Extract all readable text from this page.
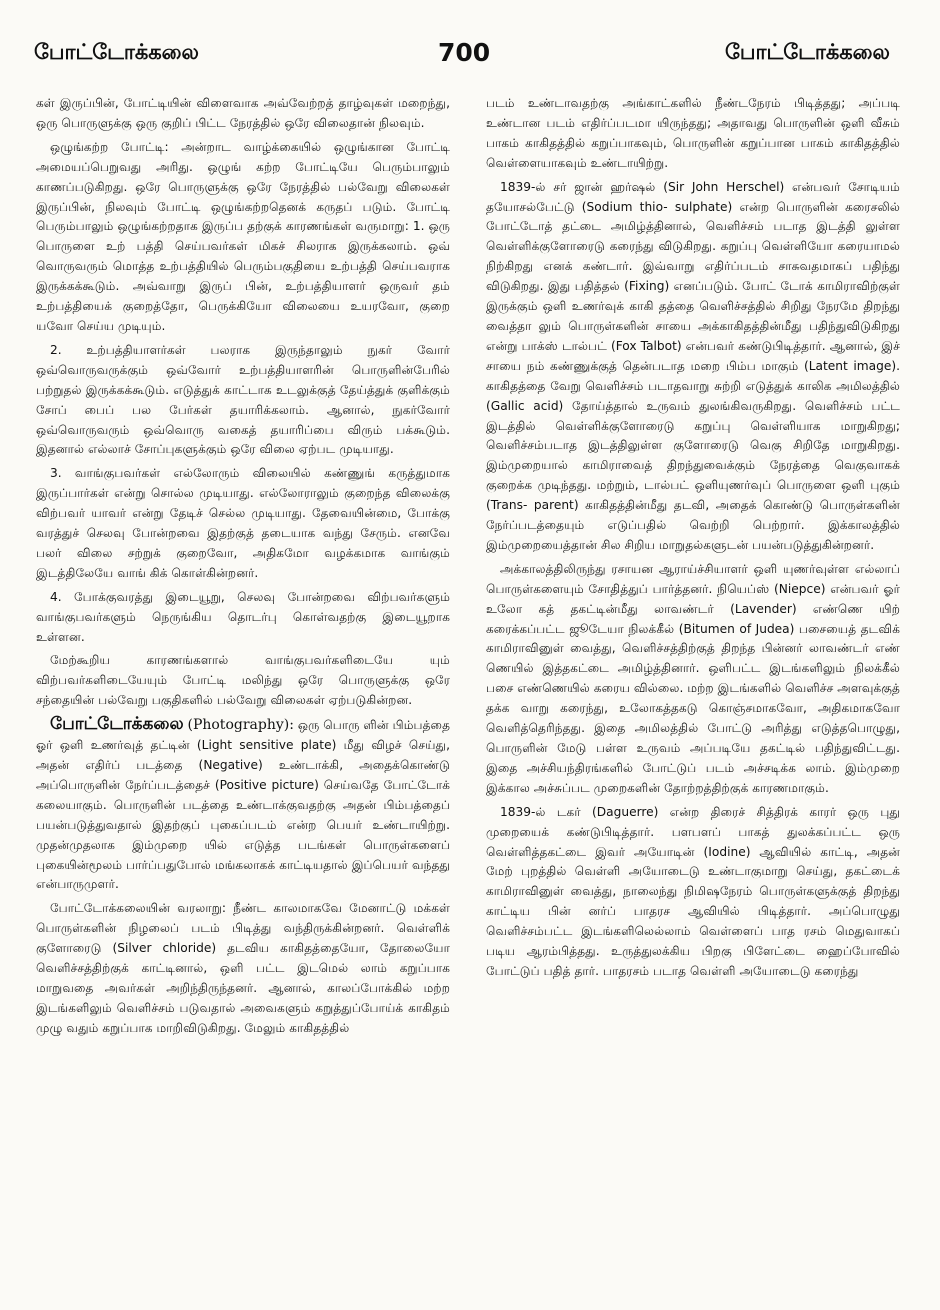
போட்டோக்கலை	700	போட்டோக்கலை

கள் இருப்பின், போட்டியின் விளைவாக அவ்வேற்றத் தாழ்வுகள் மறைந்து, ஒரு பொருளுக்கு ஒரு குறிப் பிட்ட நேரத்தில் ஒரே விலைதான் நிலவும்.

ஒழுங்கற்ற போட்டி: அன்றாட வாழ்க்கையில் ஒழுங்கான போட்டி அமையப்பெறுவது அரிது. ஒழுங் கற்ற போட்டியே பெரும்பாலும் காணப்படுகிறது. ஒரே பொருளுக்கு ஒரே நேரத்தில் பல்வேறு விலைகள் இருப்பின், நிலவும் போட்டி ஒழுங்கற்றதெனக் கருதப் படும். போட்டி பெரும்பாலும் ஒழுங்கற்றதாக இருப்ப தற்குக் காரணங்கள் வருமாறு: 1. ஒரு பொருளை உற் பத்தி செய்பவர்கள் மிகச் சிலராக இருக்கலாம். ஒவ் வொருவரும் மொத்த உற்பத்தியில் பெரும்பகுதியை உற்பத்தி செய்பவராக இருக்கக்கூடும். அவ்வாறு இருப் பின், உற்பத்தியாளர் ஒருவர் தம் உற்பத்தியைக் குறைத்தோ, பெருக்கியோ விலையை உயரவோ, குறை யவோ செய்ய முடியும்.

2. உற்பத்தியாளர்கள் பலராக இருந்தாலும் நுகர் வோர் ஒவ்வொருவருக்கும் ஒவ்வோர் உற்பத்தியாளரின் பொருளின்பேரில் பற்றுதல் இருக்கக்கூடும். எடுத்துக் காட்டாக உடலுக்குத் தேய்த்துக் குளிக்கும் சோப் பைப் பல பேர்கள் தயாரிக்கலாம். ஆனால், நுகர்வோர் ஒவ்வொருவரும் ஒவ்வொரு வகைத் தயாரிப்பை விரும் பக்கூடும். இதனால் எல்லாச் சோப்புகளுக்கும் ஒரே விலை ஏற்பட முடியாது.

3. வாங்குபவர்கள் எல்லோரும் விலையில் கண்ணுங் கருத்துமாக இருப்பார்கள் என்று சொல்ல முடியாது. எல்லோராலும் குறைந்த விலைக்கு விற்பவர் யாவர் என்று தேடிச் செல்ல முடியாது. தேவையின்மை, போக்கு வரத்துச் செலவு போன்றவை இதற்குத் தடையாக வந்து சேரும். எனவே பலர் விலை சற்றுக் குறைவோ, அதிகமோ வழக்கமாக வாங்கும் இடத்திலேயே வாங் கிக் கொள்கின்றனர்.

4. போக்குவரத்து இடையூறு, செலவு போன்றவை விற்பவர்களும் வாங்குபவர்களும் நெருங்கிய தொடர்பு கொள்வதற்கு இடையூறாக உள்ளன.

மேற்கூறிய காரணங்களால் வாங்குபவர்களிடையே யும் விற்பவர்களிடையேயும் போட்டி மலிந்து ஒரே பொருளுக்கு ஒரே சந்தையின் பல்வேறு பகுதிகளில் பல்வேறு விலைகள் ஏற்படுகின்றன.

போட்டோக்கலை (Photography): ஒரு பொரு ளின் பிம்பத்தை ஓர் ஒளி உணர்வுத் தட்டின் (Light sensitive plate) மீது விழச் செய்து, அதன் எதிர்ப் படத்தை (Negative) உண்டாக்கி, அதைக்கொண்டு அப்பொருளின் நேர்ப்படத்தைச் (Positive picture) செய்வதே போட்டோக் கலையாகும். பொருளின் படத்தை உண்டாக்குவதற்கு அதன் பிம்பத்தைப் பயன்படுத்துவதால் இதற்குப் புகைப்படம் என்ற பெயர் உண்டாயிற்று. முதன்முதலாக இம்முறை யில் எடுத்த படங்கள் பொருள்களைப் புகையின்மூலம் பார்ப்பதுபோல் மங்கலாகக் காட்டியதால் இப்பெயர் வந்தது என்பாருமுளர்.

போட்டோக்கலையின் வரலாறு: நீண்ட காலமாகவே மேனாட்டு மக்கள் பொருள்களின் நிழலைப் படம் பிடித்து வந்திருக்கின்றனர். வெள்ளிக் குளோரைடு (Silver chloride) தடவிய காகிதத்தையோ, தோலையோ வெளிச்சத்திற்குக் காட்டினால், ஒளி பட்ட இடமெல் லாம் கறுப்பாக மாறுவதை அவர்கள் அறிந்திருந்தனர். ஆனால், காலப்போக்கில் மற்ற இடங்களிலும் வெளிச்சம் படுவதால் அவைகளும் கறுத்துப்போய்க் காகிதம் முழு வதும் கறுப்பாக மாறிவிடுகிறது. மேலும் காகிதத்தில்

படம் உண்டாவதற்கு அங்காட்களில் நீண்டநேரம் பிடித்தது; அப்படி உண்டான படம் எதிர்ப்படமா யிருந்தது; அதாவது பொருளின் ஒளி வீசும் பாகம் காகிதத்தில் கறுப்பாகவும், பொருளின் கறுப்பான பாகம் காகிதத்தில் வெள்ளையாகவும் உண்டாயிற்று.

1839-ல் சர் ஜான் ஹர்ஷல் (Sir John Herschel) என்பவர் சோடியம் தயோசல்பேட்டு (Sodium thio- sulphate) என்ற பொருளின் கரைசலில் போட்டோத் தட்டை அமிழ்த்தினால், வெளிச்சம் படாத இடத்தி லுள்ள வெள்ளிக்குளோரைடு கரைந்து விடுகிறது. கறுப்பு வெள்ளியோ கரையாமல் நிற்கிறது எனக் கண்டார். இவ்வாறு எதிர்ப்படம் சாசுவதமாகப் பதிந்து விடுகிறது. இது பதித்தல் (Fixing) எனப்படும். போட் டோக் காமிராவிற்குள் இருக்கும் ஒளி உணர்வுக் காகி தத்தை வெளிச்சத்தில் சிறிது நேரமே திறந்து வைத்தா லும் பொருள்களின் சாயை அக்காகிதத்தின்மீது பதிந்துவிடுகிறது என்று பாக்ஸ் டால்பட் (Fox Talbot) என்பவர் கண்டுபிடித்தார். ஆனால், இச் சாயை நம் கண்ணுக்குத் தென்படாத மறை பிம்ப மாகும் (Latent image). காகிதத்தை வேறு வெளிச்சம் படாதவாறு சுற்றி எடுத்துக் காலிக அமிலத்தில் (Gallic acid) தோய்த்தால் உருவம் துலங்கிவருகிறது. வெளிச்சம் பட்ட இடத்தில் வெள்ளிக்குளோரைடு கறுப்பு வெள்ளியாக மாறுகிறது; வெளிச்சம்படாத இடத்திலுள்ள குளோரைடு வெகு சிறிதே மாறுகிறது. இம்முறையால் காமிராவைத் திறந்துவைக்கும் நேரத்தை வெகுவாகக் குறைக்க முடிந்தது. மற்றும், டால்பட் ஒளியுணர்வுப் பொருளை ஒளி புகும் (Trans- parent) காகிதத்தின்மீது தடவி, அதைக் கொண்டு பொருள்களின் நேர்ப்படத்தையும் எடுப்பதில் வெற்றி பெற்றார். இக்காலத்தில் இம்முறையைத்தான் சில சிறிய மாறுதல்களுடன் பயன்படுத்துகின்றனர்.

அக்காலத்திலிருந்து ரசாயன ஆராய்ச்சியாளர் ஒளி யுணர்வுள்ள எல்லாப் பொருள்களையும் சோதித்துப் பார்த்தனர். நியெப்ஸ் (Niepce) என்பவர் ஓர் உலோ கத் தகட்டின்மீது லாவண்டர் (Lavender) எண்ணெ யிற் கரைக்கப்பட்ட ஜூடேயா நிலக்கீல் (Bitumen of Judea) பசையைத் தடவிக் காமிராவினுள் வைத்து, வெளிச்சத்திற்குத் திறந்த பின்னர் லாவண்டர் எண் ணெயில் இத்தகட்டை அமிழ்த்தினார். ஒளிபட்ட இடங்களிலும் நிலக்கீல் பசை எண்ணெயில் கரைய வில்லை. மற்ற இடங்களில் வெளிச்ச அளவுக்குத் தக்க வாறு கரைந்து, உலோகத்தகடு கொஞ்சமாகவோ, அதிகமாகவோ வெளித்தெரிந்தது. இதை அமிலத்தில் போட்டு அரித்து எடுத்தபொழுது, பொருளின் மேடு பள்ள உருவம் அப்படியே தகட்டில் பதிந்துவிட்டது. இதை அச்சியந்திரங்களில் போட்டுப் படம் அச்சடிக்க லாம். இம்முறை இக்கால அச்சுப்பட முறைகளின் தோற்றத்திற்குக் காரணமாகும்.

1839-ல் டகர் (Daguerre) என்ற திரைச் சித்திரக் காரர் ஒரு புது முறையைக் கண்டுபிடித்தார். பளபளப் பாகத் துலக்கப்பட்ட ஒரு வெள்ளித்தகட்டை இவர் அயோடின் (Iodine) ஆவியில் காட்டி, அதன் மேற் புறத்தில் வெள்ளி அயோடைடு உண்டாகுமாறு செய்து, தகட்டைக் காமிராவினுள் வைத்து, நாலைந்து நிமிஷநேரம் பொருள்களுக்குத் திறந்து காட்டிய பின் னர்ப் பாதரச ஆவியில் பிடித்தார். அப்பொழுது வெளிச்சம்பட்ட இடங்களிலெல்லாம் வெள்ளைப் பாத ரசம் மெதுவாகப் படிய ஆரம்பித்தது. உருத்துலக்கிய பிறகு பிளேட்டை ஹைப்போவில் போட்டுப் பதித் தார். பாதரசம் படாத வெள்ளி அயோடைடு கரைந்து
